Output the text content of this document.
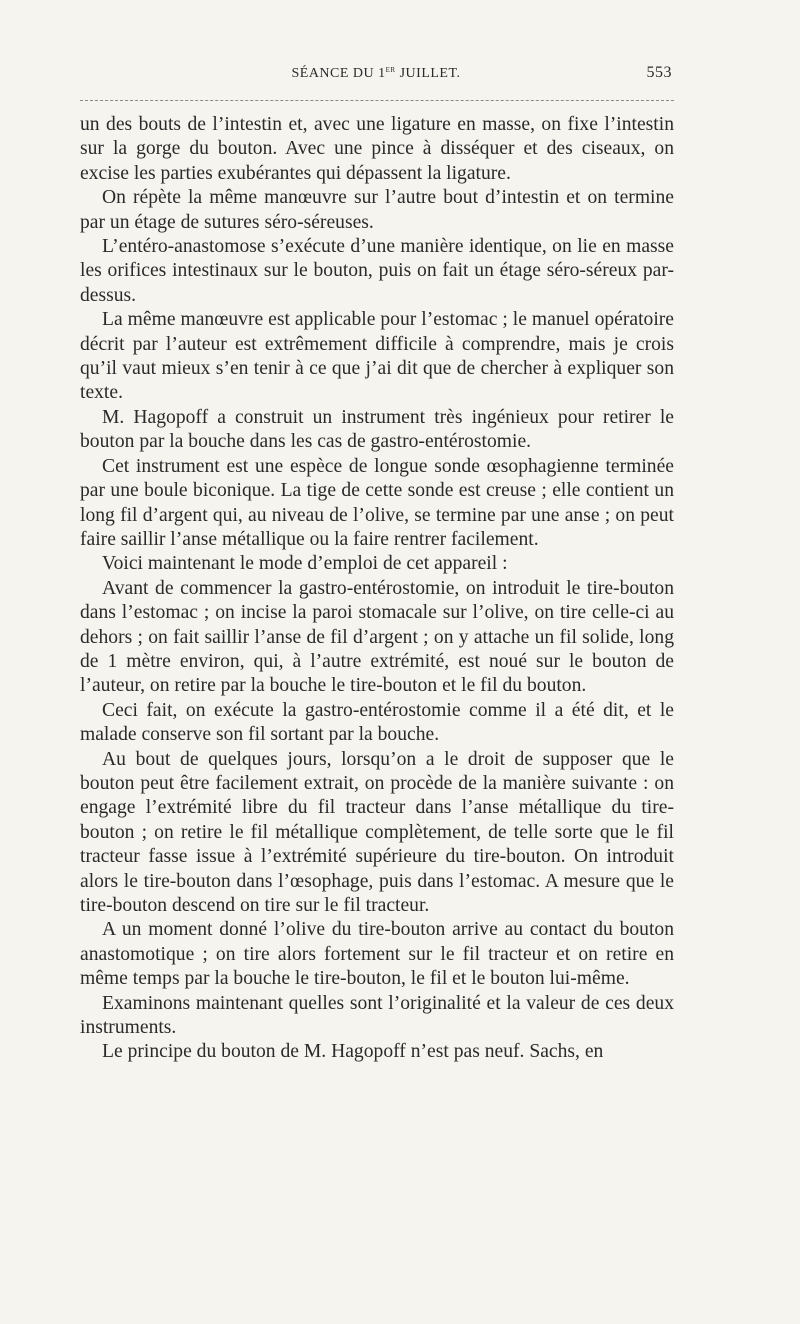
SÉANCE DU 1er JUILLET.	553

un des bouts de l’intestin et, avec une ligature en masse, on fixe l’intestin sur la gorge du bouton. Avec une pince à disséquer et des ciseaux, on excise les parties exubérantes qui dépassent la ligature.

On répète la même manœuvre sur l’autre bout d’intestin et on termine par un étage de sutures séro-séreuses.

L’entéro-anastomose s’exécute d’une manière identique, on lie en masse les orifices intestinaux sur le bouton, puis on fait un étage séro-séreux par-dessus.

La même manœuvre est applicable pour l’estomac ; le manuel opératoire décrit par l’auteur est extrêmement difficile à comprendre, mais je crois qu’il vaut mieux s’en tenir à ce que j’ai dit que de chercher à expliquer son texte.

M. Hagopoff a construit un instrument très ingénieux pour retirer le bouton par la bouche dans les cas de gastro-entérostomie.

Cet instrument est une espèce de longue sonde œsophagienne terminée par une boule biconique. La tige de cette sonde est creuse ; elle contient un long fil d’argent qui, au niveau de l’olive, se termine par une anse ; on peut faire saillir l’anse métallique ou la faire rentrer facilement.

Voici maintenant le mode d’emploi de cet appareil :

Avant de commencer la gastro-entérostomie, on introduit le tire-bouton dans l’estomac ; on incise la paroi stomacale sur l’olive, on tire celle-ci au dehors ; on fait saillir l’anse de fil d’argent ; on y attache un fil solide, long de 1 mètre environ, qui, à l’autre extrémité, est noué sur le bouton de l’auteur, on retire par la bouche le tire-bouton et le fil du bouton.

Ceci fait, on exécute la gastro-entérostomie comme il a été dit, et le malade conserve son fil sortant par la bouche.

Au bout de quelques jours, lorsqu’on a le droit de supposer que le bouton peut être facilement extrait, on procède de la manière suivante : on engage l’extrémité libre du fil tracteur dans l’anse métallique du tire-bouton ; on retire le fil métallique complètement, de telle sorte que le fil tracteur fasse issue à l’extrémité supérieure du tire-bouton. On introduit alors le tire-bouton dans l’œsophage, puis dans l’estomac. A mesure que le tire-bouton descend on tire sur le fil tracteur.

A un moment donné l’olive du tire-bouton arrive au contact du bouton anastomotique ; on tire alors fortement sur le fil tracteur et on retire en même temps par la bouche le tire-bouton, le fil et le bouton lui-même.

Examinons maintenant quelles sont l’originalité et la valeur de ces deux instruments.

Le principe du bouton de M. Hagopoff n’est pas neuf. Sachs, en
